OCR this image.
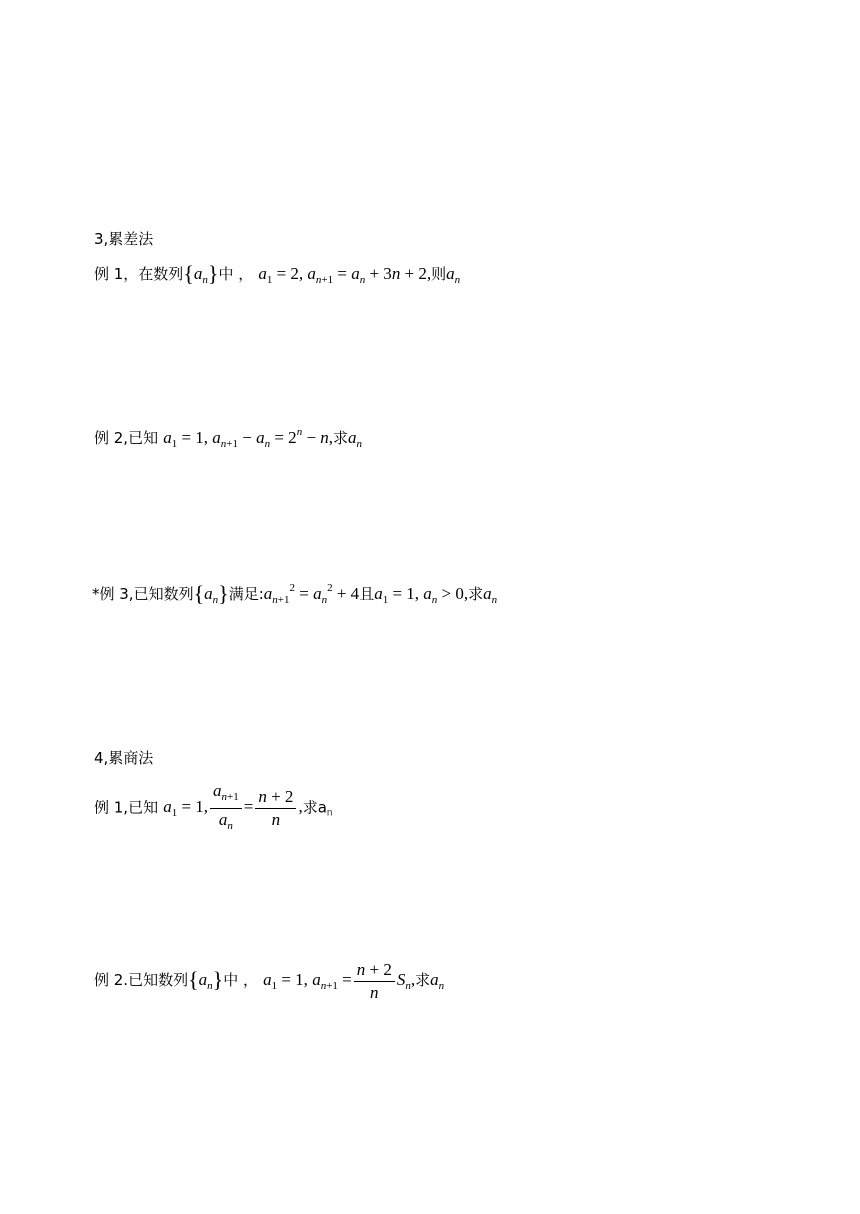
3,累差法
例 1，在数列$\{a_n\}$中 ， $a_1 = 2$, $a_{n+1} = a_n + 3n + 2$,则$a_n$
例 2,已知 $a_1 = 1$, $a_{n+1} - a_n = 2^n - n$,求$a_n$
*例 3,已知数列$\{a_n\}$满足$:a_{n+1}^2 = a_n^2 + 4$且$a_1 = 1$, $a_n > 0$,求$a_n$
4,累商法
例 1,已知 $a_1 = 1$, $\frac{a_{n+1}}{a_n} = \frac{n + 2}{n}$ ,求an
例 2.已知数列$\{a_n\}$中 ， $a_1 = 1$, $a_{n+1} = \frac{n + 2}{n} S_n$,求$a_n$
